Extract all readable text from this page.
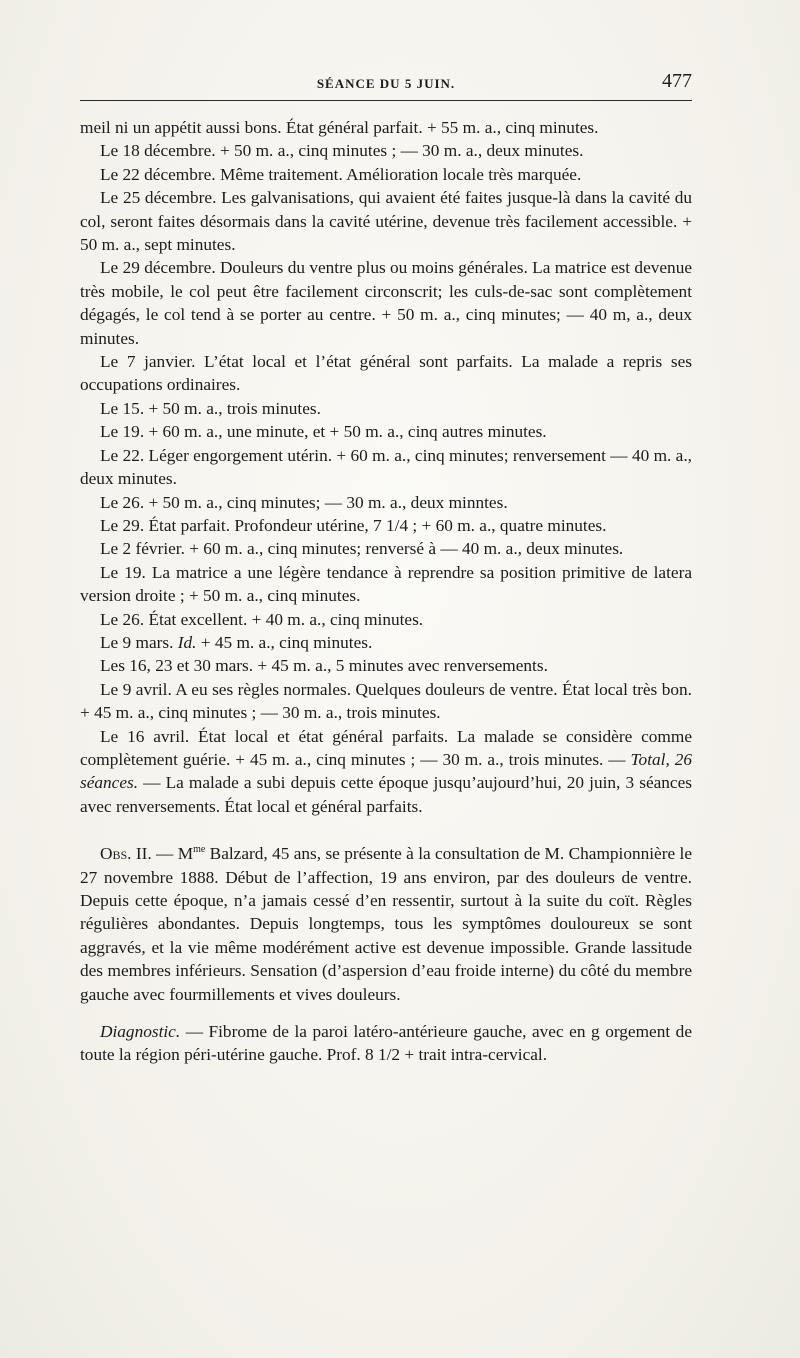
SÉANCE DU 5 JUIN.	477

meil ni un appétit aussi bons. État général parfait. + 55 m. a., cinq minutes.

Le 18 décembre. + 50 m. a., cinq minutes ; — 30 m. a., deux minutes.

Le 22 décembre. Même traitement. Amélioration locale très marquée.

Le 25 décembre. Les galvanisations, qui avaient été faites jusque-là dans la cavité du col, seront faites désormais dans la cavité utérine, devenue très facilement accessible. + 50 m. a., sept minutes.

Le 29 décembre. Douleurs du ventre plus ou moins générales. La matrice est devenue très mobile, le col peut être facilement circonscrit; les culs-de-sac sont complètement dégagés, le col tend à se porter au centre. + 50 m. a., cinq minutes; — 40 m, a., deux minutes.

Le 7 janvier. L’état local et l’état général sont parfaits. La malade a repris ses occupations ordinaires.

Le 15. + 50 m. a., trois minutes.

Le 19. + 60 m. a., une minute, et + 50 m. a., cinq autres minutes.

Le 22. Léger engorgement utérin. + 60 m. a., cinq minutes; renversement — 40 m. a., deux minutes.

Le 26. + 50 m. a., cinq minutes; — 30 m. a., deux minntes.

Le 29. État parfait. Profondeur utérine, 7 1/4 ; + 60 m. a., quatre minutes.

Le 2 février. + 60 m. a., cinq minutes; renversé à — 40 m. a., deux minutes.

Le 19. La matrice a une légère tendance à reprendre sa position primitive de latera version droite ; + 50 m. a., cinq minutes.

Le 26. État excellent. + 40 m. a., cinq minutes.

Le 9 mars. Id. + 45 m. a., cinq minutes.

Les 16, 23 et 30 mars. + 45 m. a., 5 minutes avec renversements.

Le 9 avril. A eu ses règles normales. Quelques douleurs de ventre. État local très bon. + 45 m. a., cinq minutes ; — 30 m. a., trois minutes.

Le 16 avril. État local et état général parfaits. La malade se considère comme complètement guérie. + 45 m. a., cinq minutes ; — 30 m. a., trois minutes. — Total, 26 séances. — La malade a subi depuis cette époque jusqu’aujourd’hui, 20 juin, 3 séances avec renversements. État local et général parfaits.

Obs. II. — $M^{me}$ Balzard, 45 ans, se présente à la consultation de M. Championnière le 27 novembre 1888. Début de l’affection, 19 ans environ, par des douleurs de ventre. Depuis cette époque, n’a jamais cessé d’en ressentir, surtout à la suite du coït. Règles régulières abondantes. Depuis longtemps, tous les symptômes douloureux se sont aggravés, et la vie même modérément active est devenue impossible. Grande lassitude des membres inférieurs. Sensation (d’aspersion d’eau froide interne) du côté du membre gauche avec fourmillements et vives douleurs.

Diagnostic. — Fibrome de la paroi latéro-antérieure gauche, avec en g orgement de toute la région péri-utérine gauche. Prof. 8 1/2 + trait intra-cervical.
